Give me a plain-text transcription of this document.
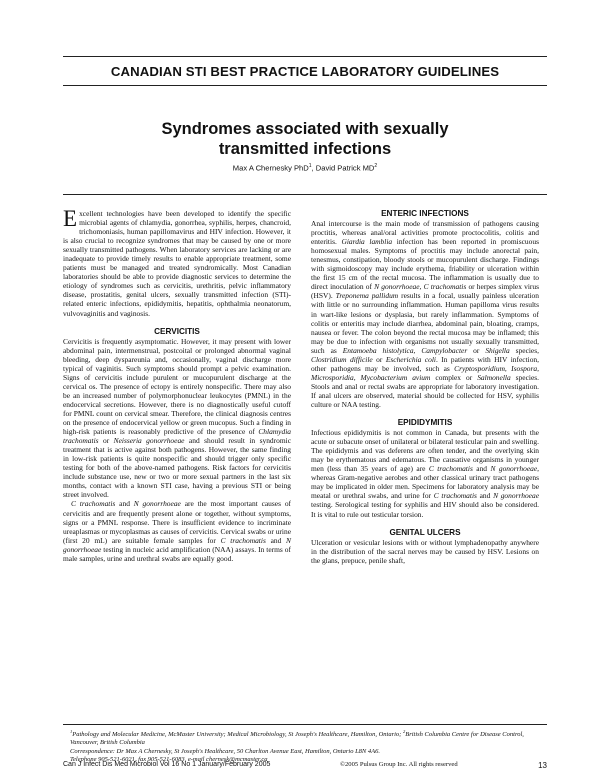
CANADIAN STI BEST PRACTICE LABORATORY GUIDELINES
Syndromes associated with sexually
transmitted infections
Max A Chernesky PhD$^1$, David Patrick $MD^2$

Excellent technologies have been developed to identify the specific microbial agents of chlamydia, gonorrhea, syphilis, herpes, chancroid, trichomoniasis, human papillomavirus and HIV infection. However, it is also crucial to recognize syndromes that may be caused by one or more sexually transmitted pathogens. When laboratory services are lacking or are inadequate to provide timely results to enable appropriate treatment, some patients must be managed and treated syndromically. Most Canadian laboratories should be able to provide diagnostic services to determine the etiology of syndromes such as cervicitis, urethritis, pelvic inflammatory disease, prostatitis, genital ulcers, sexually transmitted infection (STI)-related enteric infections, epididymitis, hepatitis, ophthalmia neonatorum, vulvovaginitis and vaginosis.

CERVICITIS

Cervicitis is frequently asymptomatic. However, it may present with lower abdominal pain, intermenstrual, postcoital or prolonged abnormal vaginal bleeding, deep dyspareunia and, occasionally, vaginal discharge more typical of vaginitis. Such symptoms should prompt a pelvic examination. Signs of cervicitis include purulent or mucopurulent discharge at the cervical os. The presence of ectopy is entirely nonspecific. There may also be an increased number of polymorphonuclear leukocytes (PMNL) in the endocervical secretions. However, there is no diagnostically useful cutoff for PMNL count on cervical smear. Therefore, the clinical diagnosis centres on the presence of endocervical yellow or green mucopus. Such a finding in high-risk patients is reasonably predictive of the presence of Chlamydia trachomatis or Neisseria gonorrhoeae and should result in syndromic treatment that is active against both pathogens. However, the same finding in low-risk patients is quite nonspecific and should trigger only specific testing for both of the above-named pathogens. Risk factors for cervicitis include substance use, new or two or more sexual partners in the last six months, contact with a known STI case, having a previous STI or being street involved.

C trachomatis and N gonorrhoeae are the most important causes of cervicitis and are frequently present alone or together, without symptoms, signs or a PMNL response. There is insufficient evidence to incriminate ureaplasmas or mycoplasmas as causes of cervicitis. Cervical swabs or urine (first 20 mL) are suitable female samples for C trachomatis and N gonorrhoeae testing in nucleic acid amplification (NAA) assays. In terms of male samples, urine and urethral swabs are equally good.

ENTERIC INFECTIONS

Anal intercourse is the main mode of transmission of pathogens causing proctitis, whereas anal/oral activities promote proctocolitis, colitis and enteritis. Giardia lamblia infection has been reported in promiscuous homosexual males. Symptoms of proctitis may include anorectal pain, tenesmus, constipation, bloody stools or mucopurulent discharge. Findings with sigmoidoscopy may include erythema, friability or ulceration within the first 15 cm of the rectal mucosa. The inflammation is usually due to direct inoculation of N gonorrhoeae, C trachomatis or herpes simplex virus (HSV). Treponema pallidum results in a focal, usually painless ulceration with little or no surrounding inflammation. Human papilloma virus results in wart-like lesions or dysplasia, but rarely inflammation. Symptoms of colitis or enteritis may include diarrhea, abdominal pain, bloating, cramps, nausea or fever. The colon beyond the rectal mucosa may be inflamed; this may be due to infection with organisms not usually sexually transmitted, such as Entamoeba histolytica, Campylobacter or Shigella species, Clostridium difficile or Escherichia coli. In patients with HIV infection, other pathogens may be involved, such as Cryptosporidium, Isospora, Microsporidia, Mycobacterium avium complex or Salmonella species. Stools and anal or rectal swabs are appropriate for laboratory investigation. If anal ulcers are observed, material should be collected for HSV, syphilis culture or NAA testing.

EPIDIDYMITIS

Infectious epididymitis is not common in Canada, but presents with the acute or subacute onset of unilateral or bilateral testicular pain and swelling. The epididymis and vas deferens are often tender, and the overlying skin may be erythematous and edematous. The causative organisms in younger men (less than 35 years of age) are C trachomatis and N gonorrhoeae, whereas Gram-negative aerobes and other classical urinary tract pathogens may be implicated in older men. Specimens for laboratory analysis may be meatal or urethral swabs, and urine for C trachomatis and N gonorrhoeae testing. Serological testing for syphilis and HIV should also be considered. It is vital to rule out testicular torsion.

GENITAL ULCERS

Ulceration or vesicular lesions with or without lymphadenopathy anywhere in the distribution of the sacral nerves may be caused by HSV. Lesions on the glans, prepuce, penile shaft,

$^1$Pathology and Molecular Medicine, McMaster University; Medical Microbiology, St Joseph's Healthcare, Hamilton, Ontario; $^2$British Columbia Centre for Disease Control, Vancouver, British Columbia

Correspondence: Dr Max A Chernesky, St Joseph's Healthcare, 50 Charlton Avenue East, Hamilton, Ontario L8N 4A6.

Telephone 905-521-6021, fax 905-521-6083, e-mail chernesk@mcmaster.ca

Can J Infect Dis Med Microbiol Vol 16 No 1 January/February 2005	©2005 Pulsus Group Inc. All rights reserved	13
